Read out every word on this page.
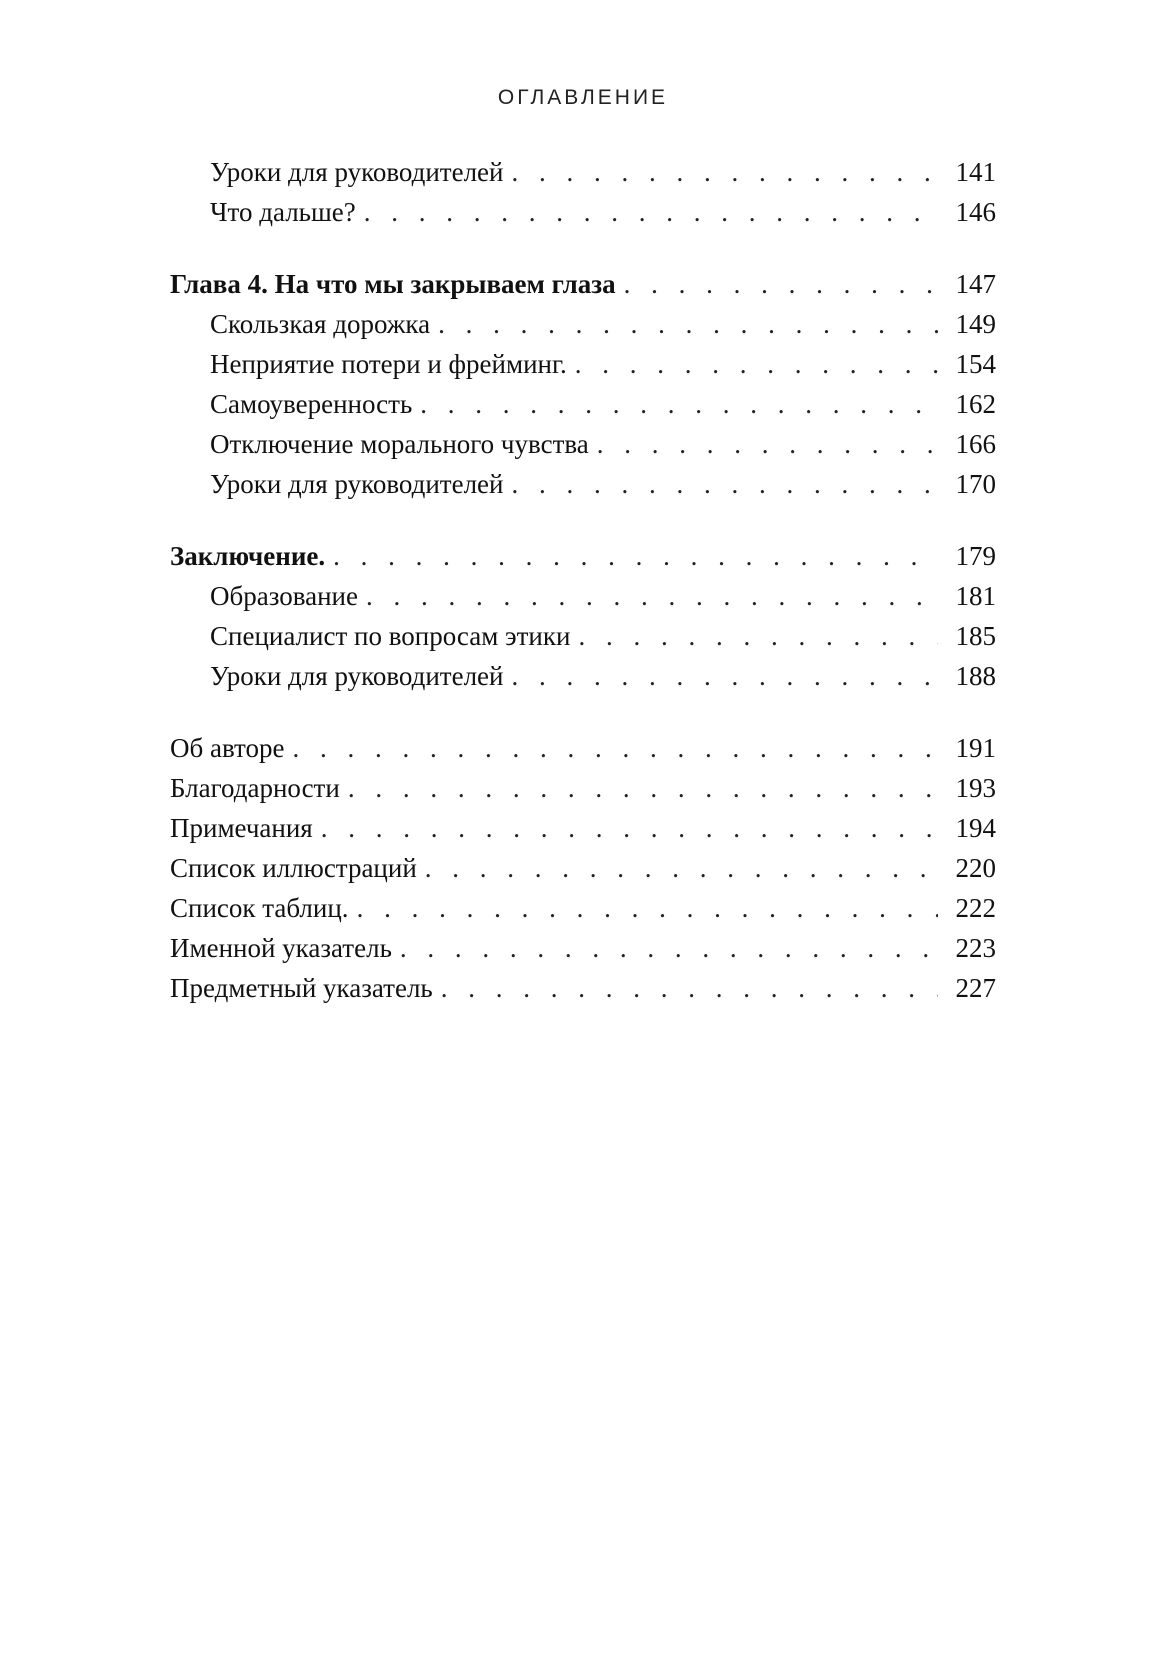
ОГЛАВЛЕНИЕ
Уроки для руководителей . . .	141
Что дальше? . . .	146
Глава 4. На что мы закрываем глаза . . .	147
Скользкая дорожка . . .	149
Неприятие потери и фрейминг. . . .	154
Самоуверенность . . .	162
Отключение морального чувства . . .	166
Уроки для руководителей . . .	170
Заключение. . . .	179
Образование . . .	181
Специалист по вопросам этики . . .	185
Уроки для руководителей . . .	188
Об авторе . . .	191
Благодарности . . .	193
Примечания . . .	194
Список иллюстраций . . .	220
Список таблиц. . . .	222
Именной указатель . . .	223
Предметный указатель . . .	227
